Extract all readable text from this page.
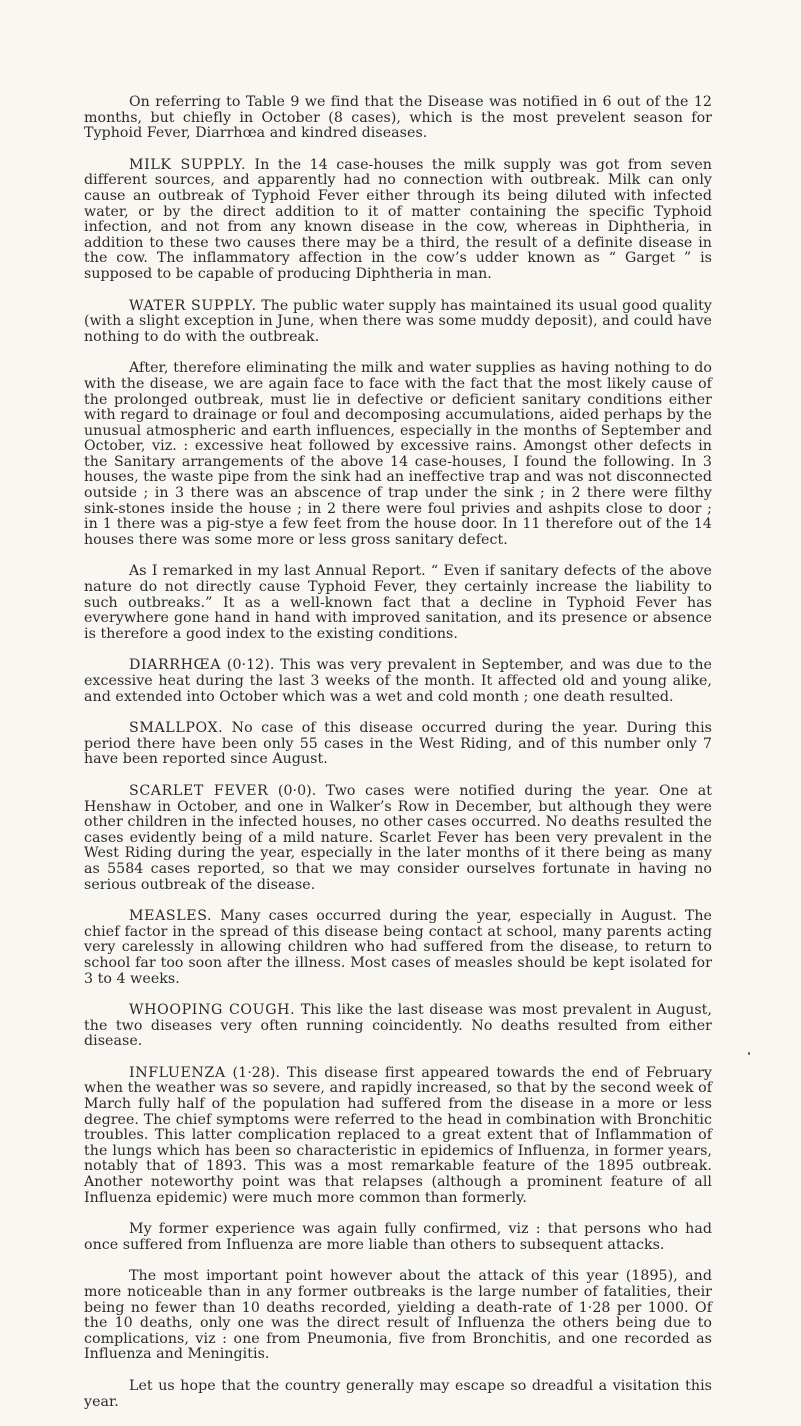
On referring to Table 9 we find that the Disease was notified in 6 out of the 12 months, but chiefly in October (8 cases), which is the most prevelent season for Typhoid Fever, Diarrhœa and kindred diseases.

MILK SUPPLY. In the 14 case-houses the milk supply was got from seven different sources, and apparently had no connection with outbreak. Milk can only cause an outbreak of Typhoid Fever either through its being diluted with infected water, or by the direct addition to it of matter containing the specific Typhoid infection, and not from any known disease in the cow, whereas in Diphtheria, in addition to these two causes there may be a third, the result of a definite disease in the cow. The inflammatory affection in the cow’s udder known as “ Garget ” is supposed to be capable of producing Diphtheria in man.

WATER SUPPLY. The public water supply has maintained its usual good quality (with a slight exception in June, when there was some muddy deposit), and could have nothing to do with the outbreak.

After, therefore eliminating the milk and water supplies as having nothing to do with the disease, we are again face to face with the fact that the most likely cause of the prolonged outbreak, must lie in defective or deficient sanitary conditions either with regard to drainage or foul and decomposing accumulations, aided perhaps by the unusual atmospheric and earth influences, especially in the months of September and October, viz. : excessive heat followed by excessive rains. Amongst other defects in the Sanitary arrangements of the above 14 case-houses, I found the following. In 3 houses, the waste pipe from the sink had an ineffective trap and was not disconnected outside ; in 3 there was an abscence of trap under the sink ; in 2 there were filthy sink-stones inside the house ; in 2 there were foul privies and ashpits close to door ; in 1 there was a pig-stye a few feet from the house door. In 11 therefore out of the 14 houses there was some more or less gross sanitary defect.

As I remarked in my last Annual Report. “ Even if sanitary defects of the above nature do not directly cause Typhoid Fever, they certainly increase the liability to such outbreaks.” It as a well-known fact that a decline in Typhoid Fever has everywhere gone hand in hand with improved sanitation, and its presence or absence is therefore a good index to the existing conditions.

DIARRHŒA (0·12). This was very prevalent in September, and was due to the excessive heat during the last 3 weeks of the month. It affected old and young alike, and extended into October which was a wet and cold month ; one death resulted.

SMALLPOX. No case of this disease occurred during the year. During this period there have been only 55 cases in the West Riding, and of this number only 7 have been reported since August.

SCARLET FEVER (0·0). Two cases were notified during the year. One at Henshaw in October, and one in Walker’s Row in December, but although they were other children in the infected houses, no other cases occurred. No deaths resulted the cases evidently being of a mild nature. Scarlet Fever has been very prevalent in the West Riding during the year, especially in the later months of it there being as many as 5584 cases reported, so that we may consider ourselves fortunate in having no serious outbreak of the disease.

MEASLES. Many cases occurred during the year, especially in August. The chief factor in the spread of this disease being contact at school, many parents acting very carelessly in allowing children who had suffered from the disease, to return to school far too soon after the illness. Most cases of measles should be kept isolated for 3 to 4 weeks.

WHOOPING COUGH. This like the last disease was most prevalent in August, the two diseases very often running coincidently. No deaths resulted from either disease.

INFLUENZA (1·28). This disease first appeared towards the end of February when the weather was so severe, and rapidly increased, so that by the second week of March fully half of the population had suffered from the disease in a more or less degree. The chief symptoms were referred to the head in combination with Bronchitic troubles. This latter complication replaced to a great extent that of Inflammation of the lungs which has been so characteristic in epidemics of Influenza, in former years, notably that of 1893. This was a most remarkable feature of the 1895 outbreak. Another noteworthy point was that relapses (although a prominent feature of all Influenza epidemic) were much more common than formerly.

My former experience was again fully confirmed, viz : that persons who had once suffered from Influenza are more liable than others to subsequent attacks.

The most important point however about the attack of this year (1895), and more noticeable than in any former outbreaks is the large number of fatalities, their being no fewer than 10 deaths recorded, yielding a death-rate of 1·28 per 1000. Of the 10 deaths, only one was the direct result of Influenza the others being due to complications, viz : one from Pneumonia, five from Bronchitis, and one recorded as Influenza and Meningitis.

Let us hope that the country generally may escape so dreadful a visitation this year.
